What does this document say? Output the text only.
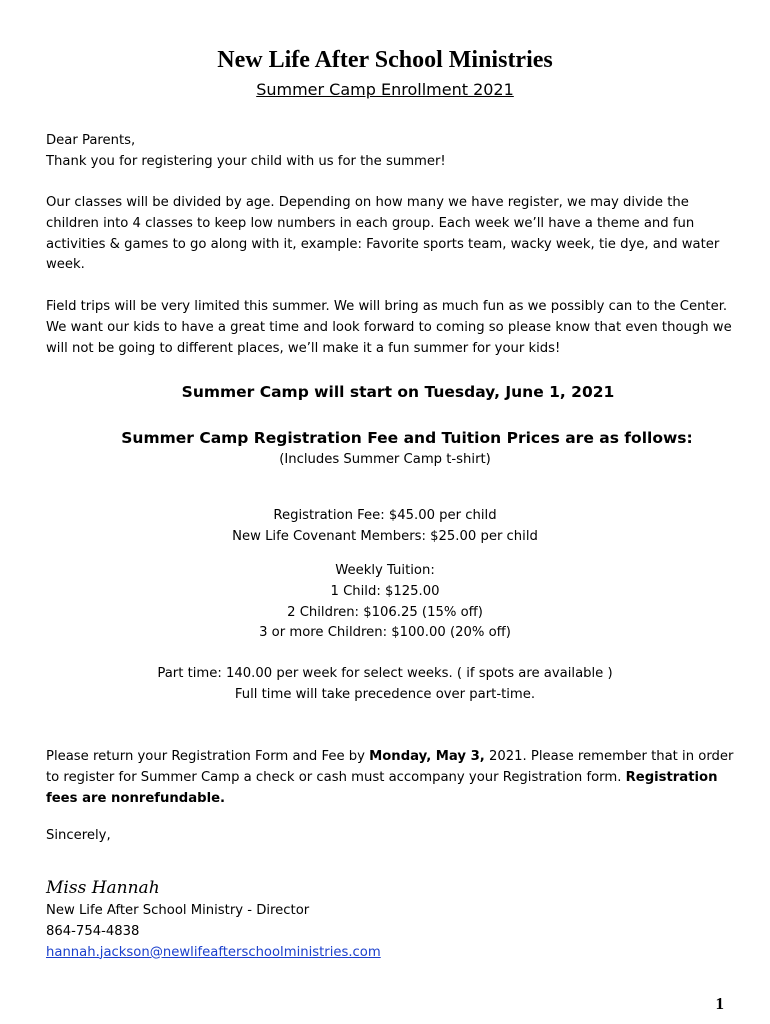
New Life After School Ministries
Summer Camp Enrollment 2021

Dear Parents,

Thank you for registering your child with us for the summer!

Our classes will be divided by age. Depending on how many we have register, we may divide the children into 4 classes to keep low numbers in each group. Each week we’ll have a theme and fun activities & games to go along with it, example: Favorite sports team, wacky week, tie dye, and water week.

Field trips will be very limited this summer. We will bring as much fun as we possibly can to the Center. We want our kids to have a great time and look forward to coming so please know that even though we will not be going to different places, we’ll make it a fun summer for your kids!

Summer Camp will start on Tuesday, June 1, 2021
Summer Camp Registration Fee and Tuition Prices are as follows:
(Includes Summer Camp t-shirt)

Registration Fee: $45.00 per child

New Life Covenant Members: $25.00 per child

Weekly Tuition:

1 Child: $125.00

2 Children: $106.25 (15% off)

3 or more Children: $100.00 (20% off)

Part time: 140.00 per week for select weeks. ( if spots are available )

Full time will take precedence over part-time.

Please return your Registration Form and Fee by Monday, May 3, 2021. Please remember that in order to register for Summer Camp a check or cash must accompany your Registration form. Registration fees are nonrefundable.

Sincerely,
Miss Hannah

New Life After School Ministry - Director

864-754-4838

hannah.jackson@newlifeafterschoolministries.com

1
